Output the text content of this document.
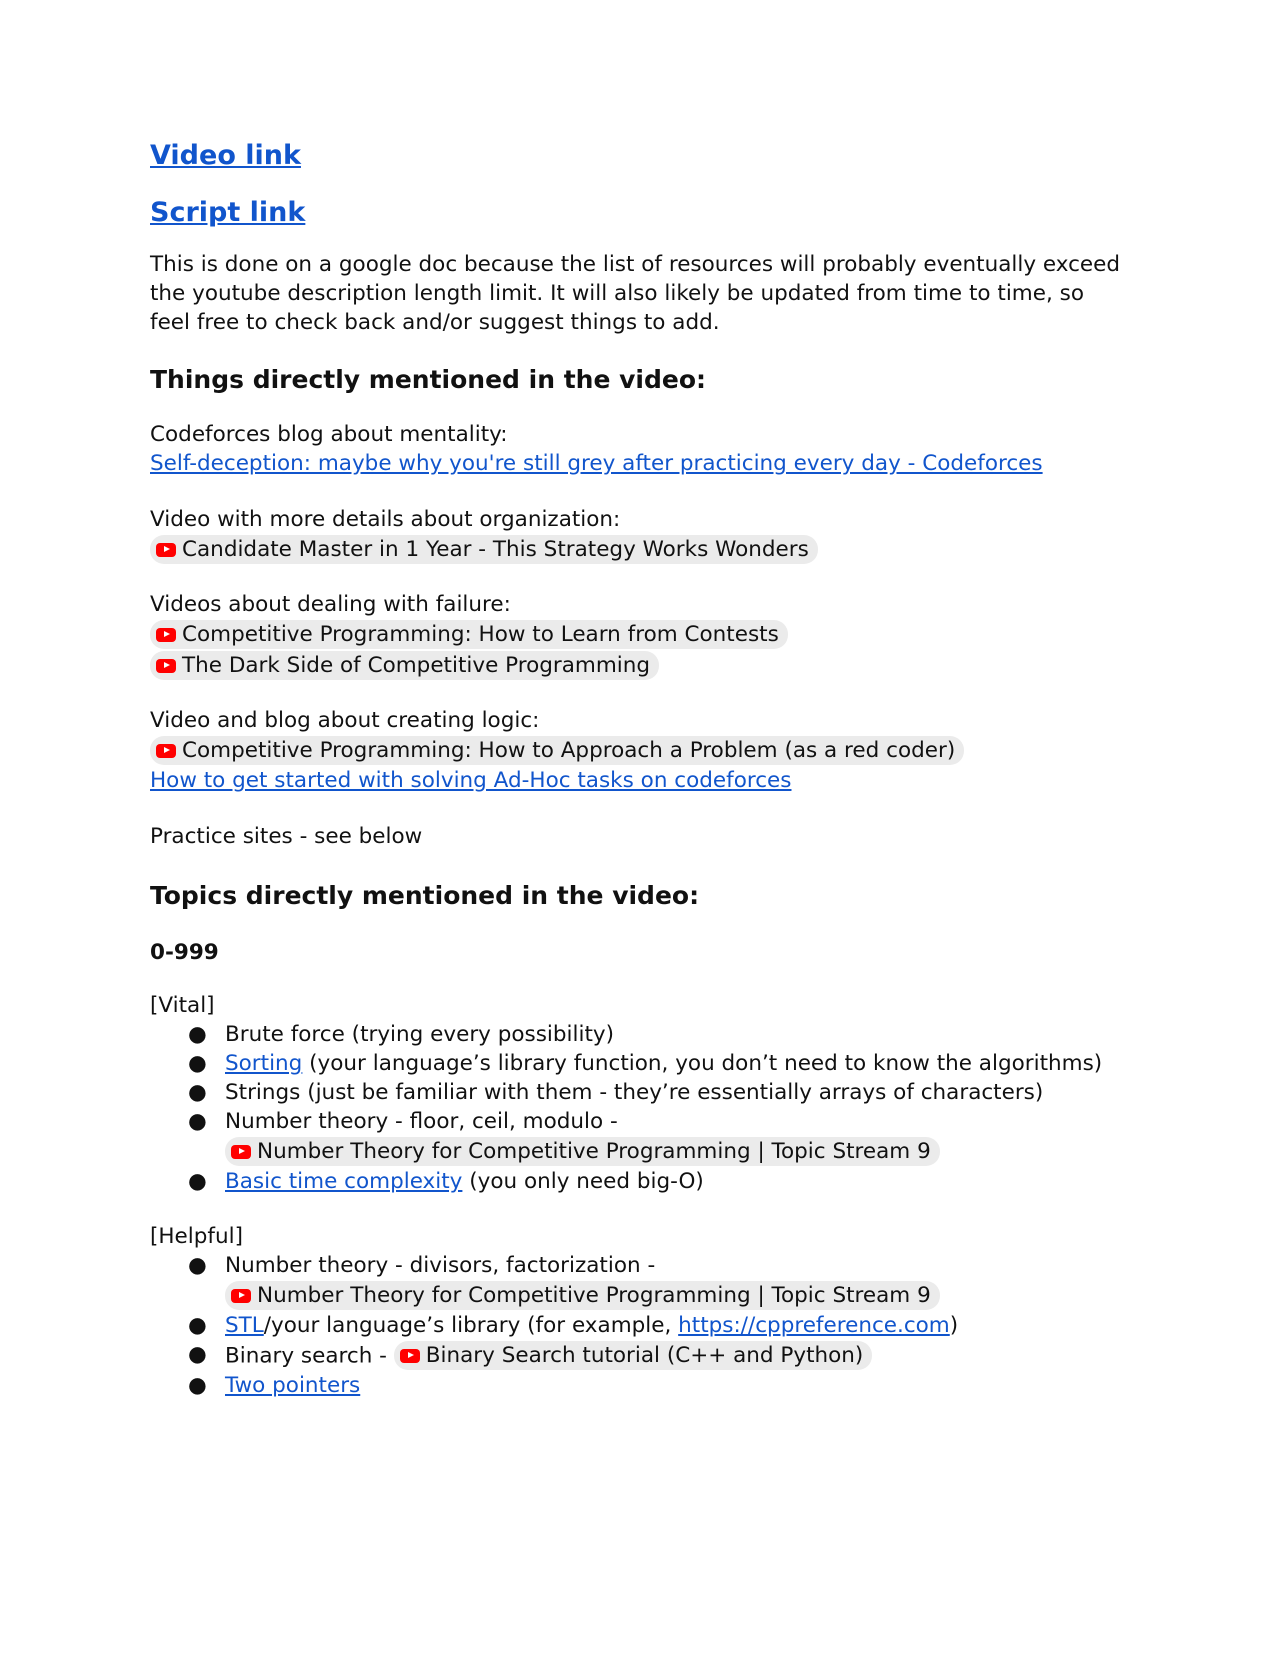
Video link

Script link

This is done on a google doc because the list of resources will probably eventually exceed the youtube description length limit. It will also likely be updated from time to time, so feel free to check back and/or suggest things to add.

Things directly mentioned in the video:

Codeforces blog about mentality:

Self-deception: maybe why you're still grey after practicing every day - Codeforces

Video with more details about organization:

Candidate Master in 1 Year - This Strategy Works Wonders

Videos about dealing with failure:

Competitive Programming: How to Learn from Contests

The Dark Side of Competitive Programming

Video and blog about creating logic:

Competitive Programming: How to Approach a Problem (as a red coder)

How to get started with solving Ad-Hoc tasks on codeforces

Practice sites - see below

Topics directly mentioned in the video:

0-999

[Vital]

● Brute force (trying every possibility)
● Sorting (your language’s library function, you don’t need to know the algorithms)
● Strings (just be familiar with them - they’re essentially arrays of characters)
● Number theory - floor, ceil, modulo -

Number Theory for Competitive Programming | Topic Stream 9
● Basic time complexity (you only need big-O)

[Helpful]

● Number theory - divisors, factorization -

Number Theory for Competitive Programming | Topic Stream 9
● STL/your language’s library (for example, https://cppreference.com)
● Binary search - Binary Search tutorial (C++ and Python)
● Two pointers
